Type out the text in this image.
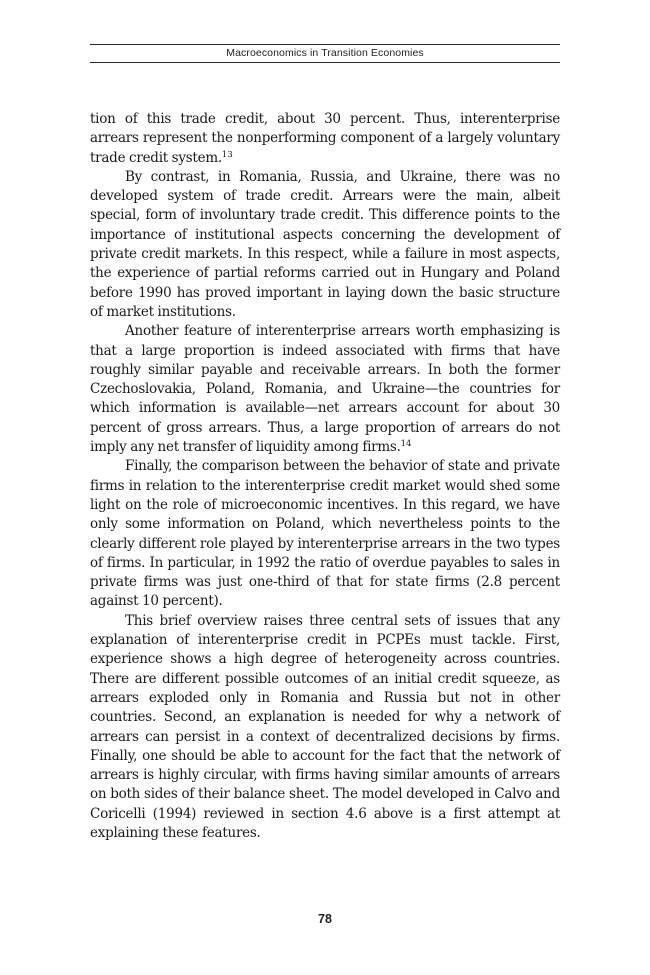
Macroeconomics in Transition Economies

tion of this trade credit, about 30 percent. Thus, interenterprise arrears represent the nonperforming component of a largely voluntary trade credit system.$^{13}$

By contrast, in Romania, Russia, and Ukraine, there was no developed system of trade credit. Arrears were the main, albeit special, form of involuntary trade credit. This difference points to the importance of institutional aspects concerning the development of private credit markets. In this respect, while a failure in most aspects, the experience of partial reforms carried out in Hungary and Poland before 1990 has proved important in laying down the basic structure of market institutions.

Another feature of interenterprise arrears worth emphasizing is that a large proportion is indeed associated with firms that have roughly similar payable and receivable arrears. In both the former Czechoslovakia, Poland, Romania, and Ukraine—the countries for which information is available—net arrears account for about 30 percent of gross arrears. Thus, a large proportion of arrears do not imply any net transfer of liquidity among firms.$^{14}$

Finally, the comparison between the behavior of state and private firms in relation to the interenterprise credit market would shed some light on the role of microeconomic incentives. In this regard, we have only some information on Poland, which nevertheless points to the clearly different role played by interenterprise arrears in the two types of firms. In particular, in 1992 the ratio of overdue payables to sales in private firms was just one-third of that for state firms (2.8 percent against 10 percent).

This brief overview raises three central sets of issues that any explanation of interenterprise credit in PCPEs must tackle. First, experience shows a high degree of heterogeneity across countries. There are different possible outcomes of an initial credit squeeze, as arrears exploded only in Romania and Russia but not in other countries. Second, an explanation is needed for why a network of arrears can persist in a context of decentralized decisions by firms. Finally, one should be able to account for the fact that the network of arrears is highly circular, with firms having similar amounts of arrears on both sides of their balance sheet. The model developed in Calvo and Coricelli (1994) reviewed in section 4.6 above is a first attempt at explaining these features.

78
